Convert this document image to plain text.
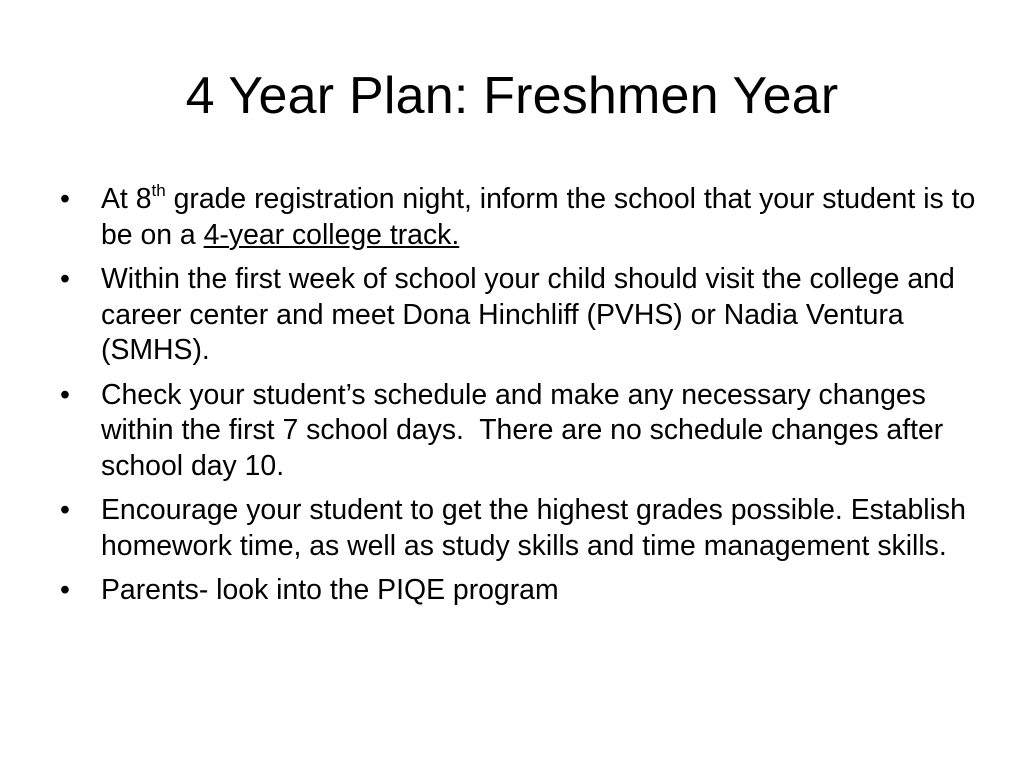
4 Year Plan: Freshmen Year
•	At 8th grade registration night, inform the school that your student is to be on a 4-year college track.
•	Within the first week of school your child should visit the college and career center and meet Dona Hinchliff (PVHS) or Nadia Ventura (SMHS).
•	Check your student’s schedule and make any necessary changes within the first 7 school days.  There are no schedule changes after school day 10.
•	Encourage your student to get the highest grades possible. Establish homework time, as well as study skills and time management skills.
•	Parents- look into the PIQE program
